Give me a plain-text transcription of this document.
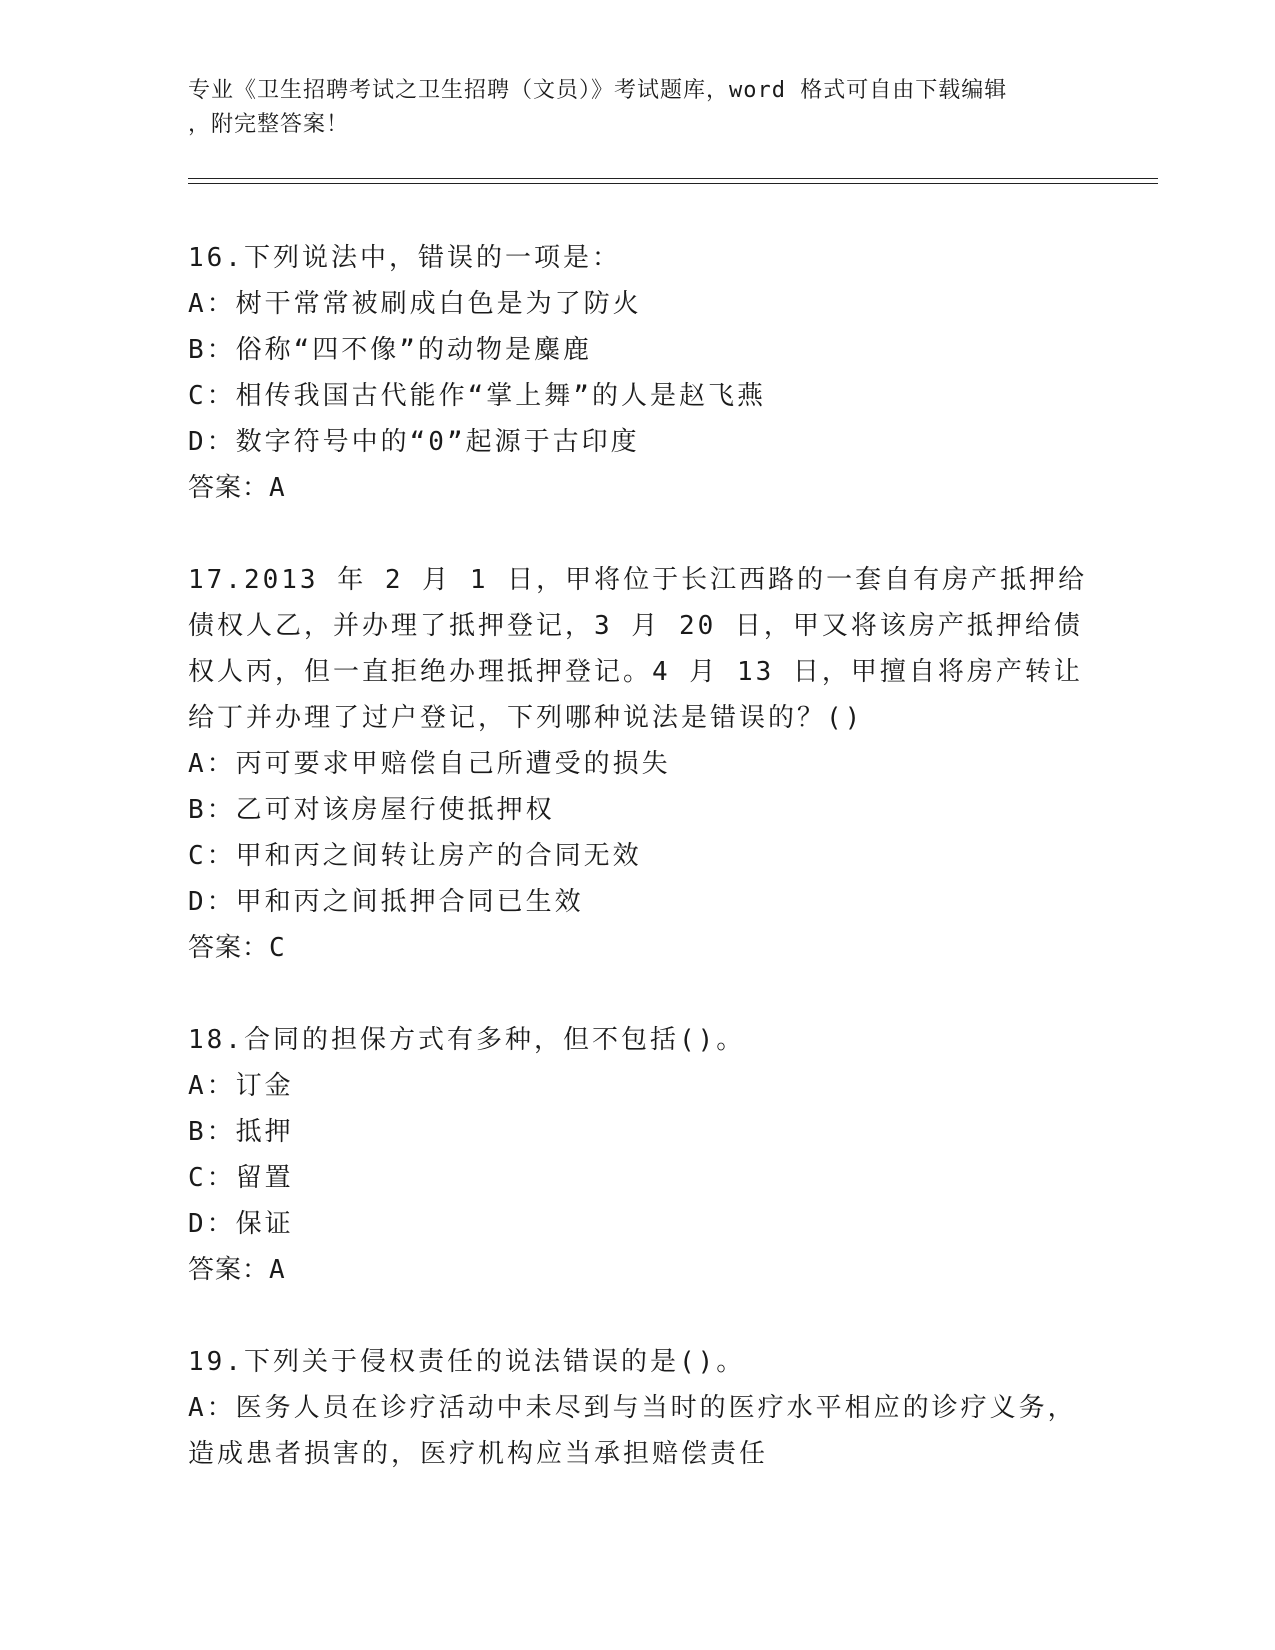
专业《卫生招聘考试之卫生招聘（文员）》考试题库，word 格式可自由下载编辑
，附完整答案！
16.下列说法中，错误的一项是：
A：树干常常被刷成白色是为了防火
B：俗称“四不像”的动物是麋鹿
C：相传我国古代能作“掌上舞”的人是赵飞燕
D：数字符号中的“0”起源于古印度
答案：A
17.2013 年 2 月 1 日，甲将位于长江西路的一套自有房产抵押给债权人乙，并办理了抵押登记，3 月 20 日，甲又将该房产抵押给债权人丙，但一直拒绝办理抵押登记。4 月 13 日，甲擅自将房产转让给丁并办理了过户登记，下列哪种说法是错误的？()
A：丙可要求甲赔偿自己所遭受的损失
B：乙可对该房屋行使抵押权
C：甲和丙之间转让房产的合同无效
D：甲和丙之间抵押合同已生效
答案：C
18.合同的担保方式有多种，但不包括()。
A：订金
B：抵押
C：留置
D：保证
答案：A
19.下列关于侵权责任的说法错误的是()。
A：医务人员在诊疗活动中未尽到与当时的医疗水平相应的诊疗义务，造成患者损害的，医疗机构应当承担赔偿责任
